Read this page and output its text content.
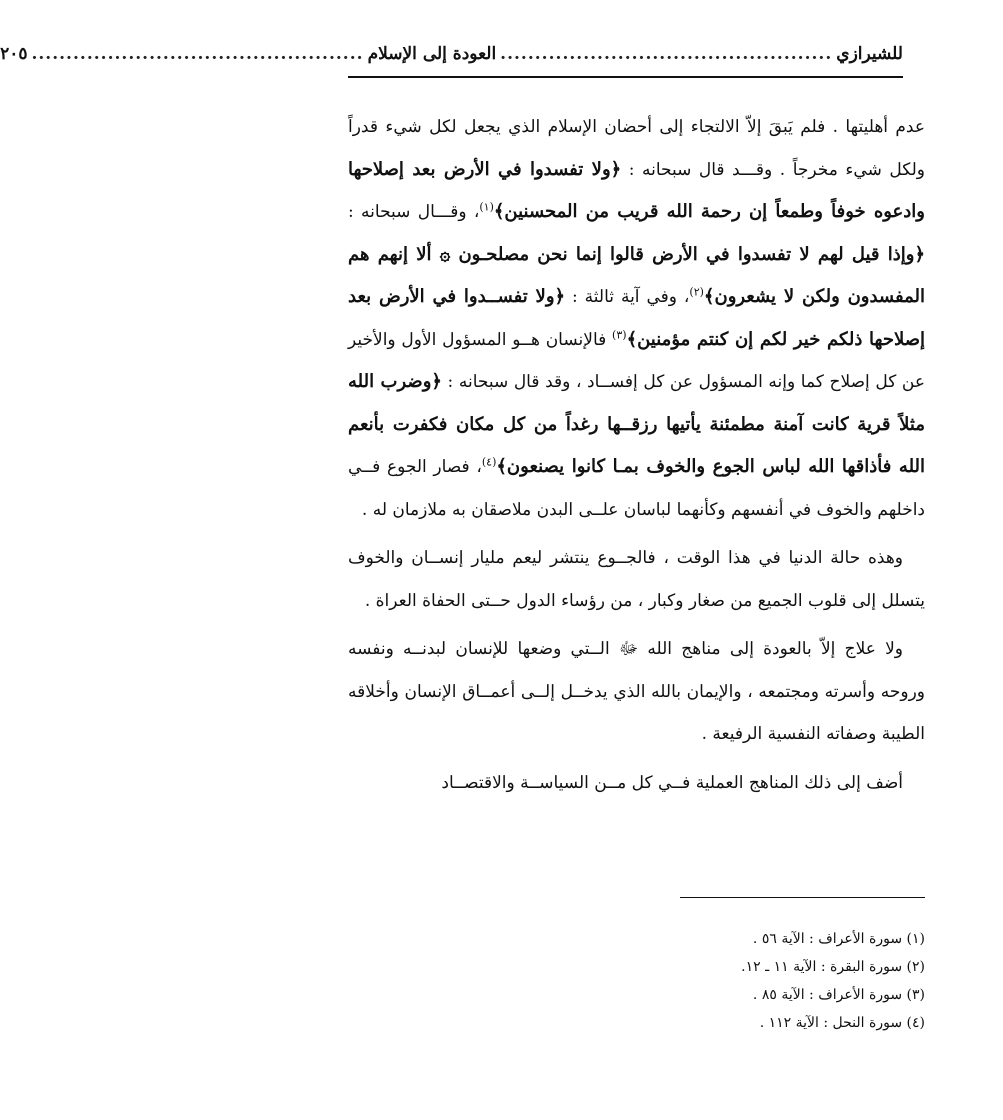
للشيرازي
................................................
العودة إلى الإسلام
................................................
٢٠٥

عدم أهليتها . فلم يَبقَ إلاّ الالتجاء إلى أحضان الإسلام الذي يجعل لكل شيء قدراً ولكل شيء مخرجاً . وقـــد قال سبحانه : ﴿ولا تفسدوا في الأرض بعد إصلاحها وادعوه خوفاً وطمعاً إن رحمة الله قريب من المحسنين﴾$^{(١)}$، وقـــال سبحانه : ﴿وإذا قيل لهم لا تفسدوا في الأرض قالوا إنما نحن مصلحـون ۞ ألا إنهم هم المفسدون ولكن لا يشعرون﴾$^{(٢)}$، وفي آية ثالثة : ﴿ولا تفســدوا في الأرض بعد إصلاحها ذلكم خير لكم إن كنتم مؤمنين﴾$^{(٣)}$ فالإنسان هــو المسؤول الأول والأخير عن كل إصلاح كما وإنه المسؤول عن كل إفســاد ، وقد قال سبحانه : ﴿وضرب الله مثلاً قرية كانت آمنة مطمئنة يأتيها رزقــها رغداً من كل مكان فكفرت بأنعم الله فأذاقها الله لباس الجوع والخوف بمـا كانوا يصنعون﴾$^{(٤)}$، فصار الجوع فــي داخلهم والخوف في أنفسهم وكأنهما لباسان علــى البدن ملاصقان به ملازمان له .

وهذه حالة الدنيا في هذا الوقت ، فالجــوع ينتشر ليعم مليار إنســان والخوف يتسلل إلى قلوب الجميع من صغار وكبار ، من رؤساء الدول حــتى الحفاة العراة .

ولا علاج إلاّ بالعودة إلى مناهج الله ﷻ الــتي وضعها للإنسان لبدنــه ونفسه وروحه وأسرته ومجتمعه ، والإيمان بالله الذي يدخــل إلــى أعمــاق الإنسان وأخلاقه الطيبة وصفاته النفسية الرفيعة .

أضف إلى ذلك المناهج العملية فــي كل مــن السياســة والاقتصــاد

(١) سورة الأعراف : الآية ٥٦ .
(٢) سورة البقرة : الآية ١١ ـ ١٢.
(٣) سورة الأعراف : الآية ٨٥ .
(٤) سورة النحل : الآية ١١٢ .
